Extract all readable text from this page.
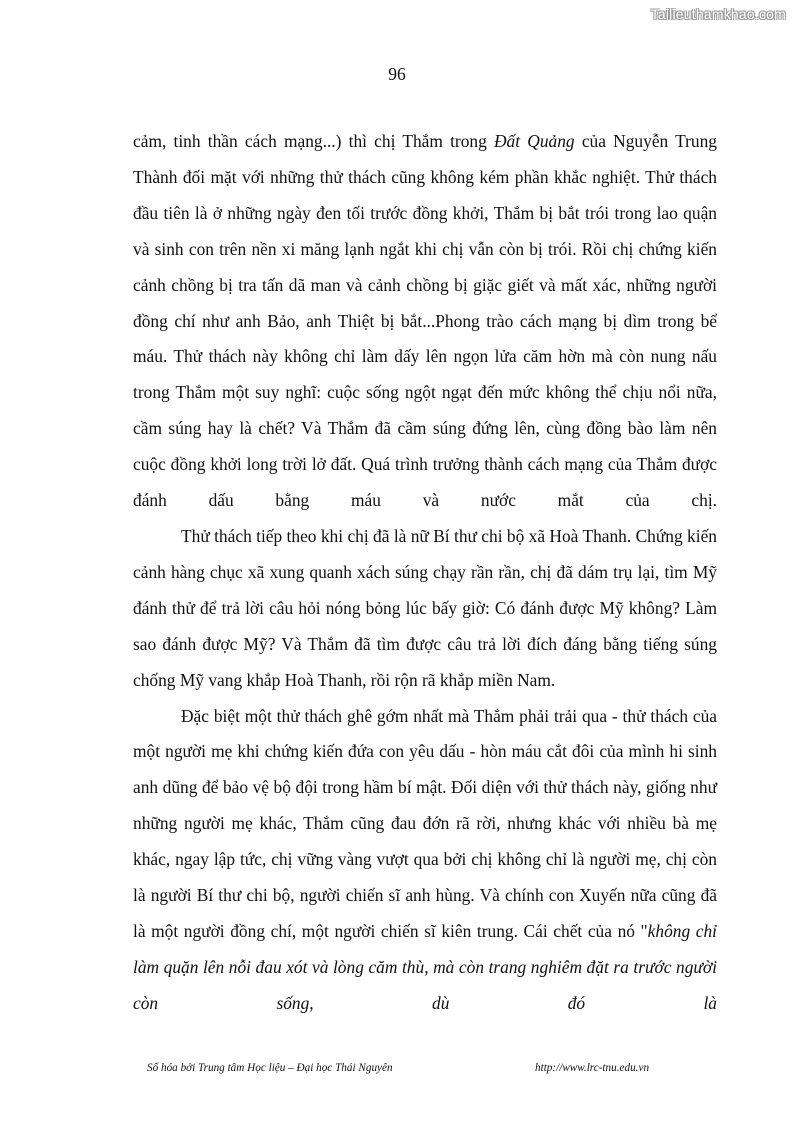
Tailieuthamkhao.com
96

cảm, tinh thần cách mạng...) thì chị Thắm trong Đất Quảng của Nguyễn Trung Thành đối mặt với những thử thách cũng không kém phần khắc nghiệt. Thử thách đầu tiên là ở những ngày đen tối trước đồng khởi, Thắm bị bắt trói trong lao quận và sinh con trên nền xi măng lạnh ngắt khi chị vẫn còn bị trói. Rồi chị chứng kiến cảnh chồng bị tra tấn dã man và cảnh chồng bị giặc giết và mất xác, những người đồng chí như anh Bảo, anh Thiệt bị bắt...Phong trào cách mạng bị dìm trong bể máu. Thử thách này không chỉ làm dấy lên ngọn lửa căm hờn mà còn nung nấu trong Thắm một suy nghĩ: cuộc sống ngột ngạt đến mức không thể chịu nổi nữa, cầm súng hay là chết? Và Thắm đã cầm súng đứng lên, cùng đồng bào làm nên cuộc đồng khởi long trời lở đất. Quá trình trưởng thành cách mạng của Thắm được đánh dấu bằng máu và nước mắt của chị.

Thử thách tiếp theo khi chị đã là nữ Bí thư chi bộ xã Hoà Thanh. Chứng kiến cảnh hàng chục xã xung quanh xách súng chạy rần rần, chị đã dám trụ lại, tìm Mỹ đánh thử để trả lời câu hỏi nóng bỏng lúc bấy giờ: Có đánh được Mỹ không? Làm sao đánh được Mỹ? Và Thắm đã tìm được câu trả lời đích đáng bằng tiếng súng chống Mỹ vang khắp Hoà Thanh, rồi rộn rã khắp miền Nam.

Đặc biệt một thử thách ghê gớm nhất mà Thắm phải trải qua - thử thách của một người mẹ khi chứng kiến đứa con yêu dấu - hòn máu cắt đôi của mình hi sinh anh dũng để bảo vệ bộ đội trong hầm bí mật. Đối diện với thử thách này, giống như những người mẹ khác, Thắm cũng đau đớn rã rời, nhưng khác với nhiều bà mẹ khác, ngay lập tức, chị vững vàng vượt qua bởi chị không chỉ là người mẹ, chị còn là người Bí thư chi bộ, người chiến sĩ anh hùng. Và chính con Xuyến nữa cũng đã là một người đồng chí, một người chiến sĩ kiên trung. Cái chết của nó "không chỉ làm quặn lên nỗi đau xót và lòng căm thù, mà còn trang nghiêm đặt ra trước người còn sống, dù đó là

Số hóa bởi Trung tâm Học liệu – Đại học Thái Nguyên	http://www.lrc-tnu.edu.vn
